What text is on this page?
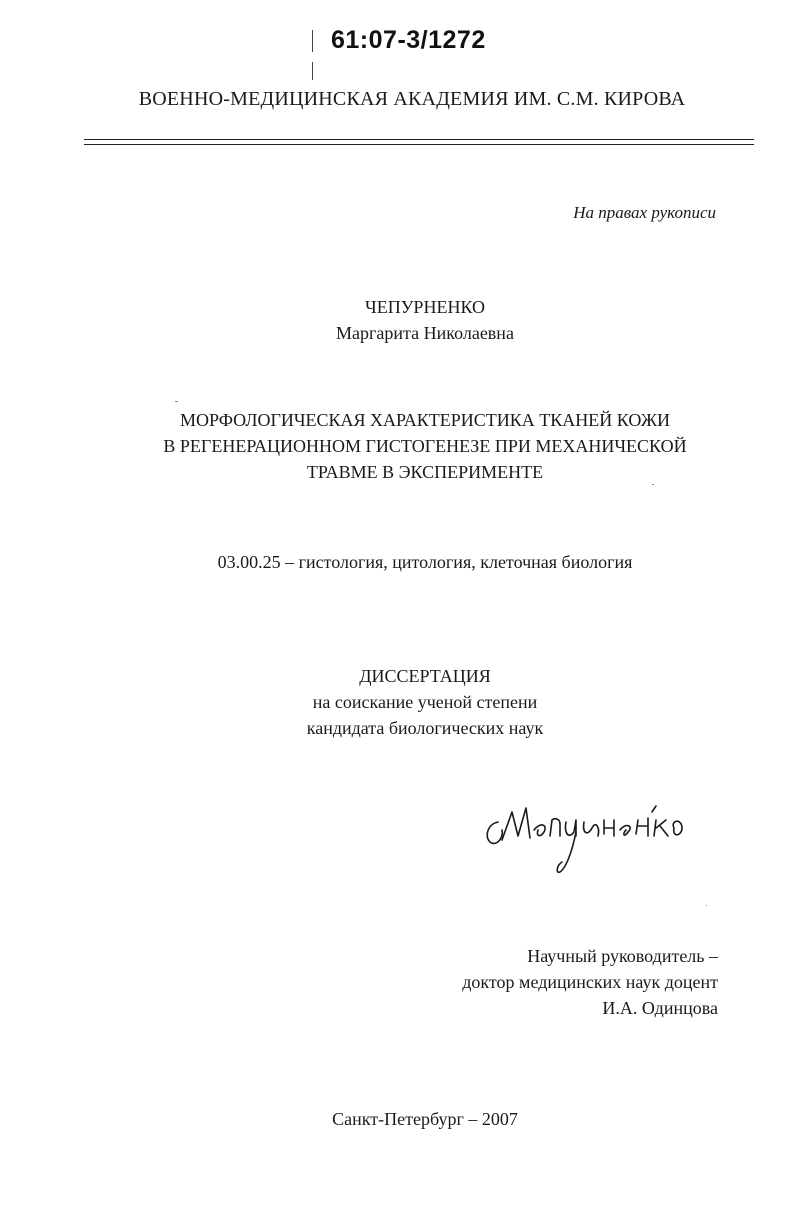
61:07-3/1272
ВОЕННО-МЕДИЦИНСКАЯ АКАДЕМИЯ ИМ. С.М. КИРОВА
На правах рукописи
ЧЕПУРНЕНКО
Маргарита Николаевна
МОРФОЛОГИЧЕСКАЯ ХАРАКТЕРИСТИКА ТКАНЕЙ КОЖИ
В РЕГЕНЕРАЦИОННОМ ГИСТОГЕНЕЗЕ ПРИ МЕХАНИЧЕСКОЙ
ТРАВМЕ В ЭКСПЕРИМЕНТЕ
03.00.25 – гистология, цитология, клеточная биология
ДИССЕРТАЦИЯ
на соискание ученой степени
кандидата биологических наук
Научный руководитель –
доктор медицинских наук доцент
И.А. Одинцова
Санкт-Петербург – 2007
